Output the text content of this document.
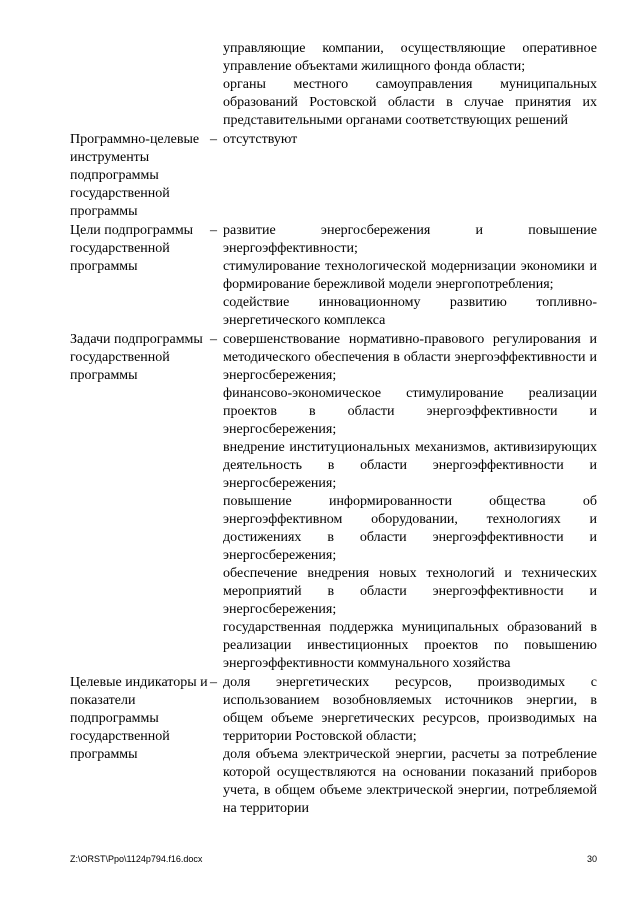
управляющие компании, осуществляющие оперативное управление объектами жилищного фонда области;

органы местного самоуправления муниципальных образований Ростовской области в случае принятия их представительными органами соответствующих решений

Программно-целевые инструменты подпрограммы государственной программы
– отсутствуют

Цели подпрограммы государственной программы
– развитие энергосбережения и повышение энергоэффективности;

стимулирование технологической модернизации экономики и формирование бережливой модели энергопотребления;

содействие инновационному развитию топливно-энергетического комплекса

Задачи подпрограммы государственной программы
– совершенствование нормативно-правового регулирования и методического обеспечения в области энергоэффективности и энергосбережения;

финансово-экономическое стимулирование реализации проектов в области энергоэффективности и энергосбережения;

внедрение институциональных механизмов, активизирующих деятельность в области энергоэффективности и энергосбережения;

повышение информированности общества об энергоэффективном оборудовании, технологиях и достижениях в области энергоэффективности и энергосбережения;

обеспечение внедрения новых технологий и технических мероприятий в области энергоэффективности и энергосбережения;

государственная поддержка муниципальных образований в реализации инвестиционных проектов по повышению энергоэффективности коммунального хозяйства

Целевые индикаторы и показатели подпрограммы государственной программы
– доля энергетических ресурсов, производимых с использованием возобновляемых источников энергии, в общем объеме энергетических ресурсов, производимых на территории Ростовской области;

доля объема электрической энергии, расчеты за потребление которой осуществляются на основании показаний приборов учета, в общем объеме электрической энергии, потребляемой на территории

Z:\ORST\Ppo\1124p794.f16.docx	30
